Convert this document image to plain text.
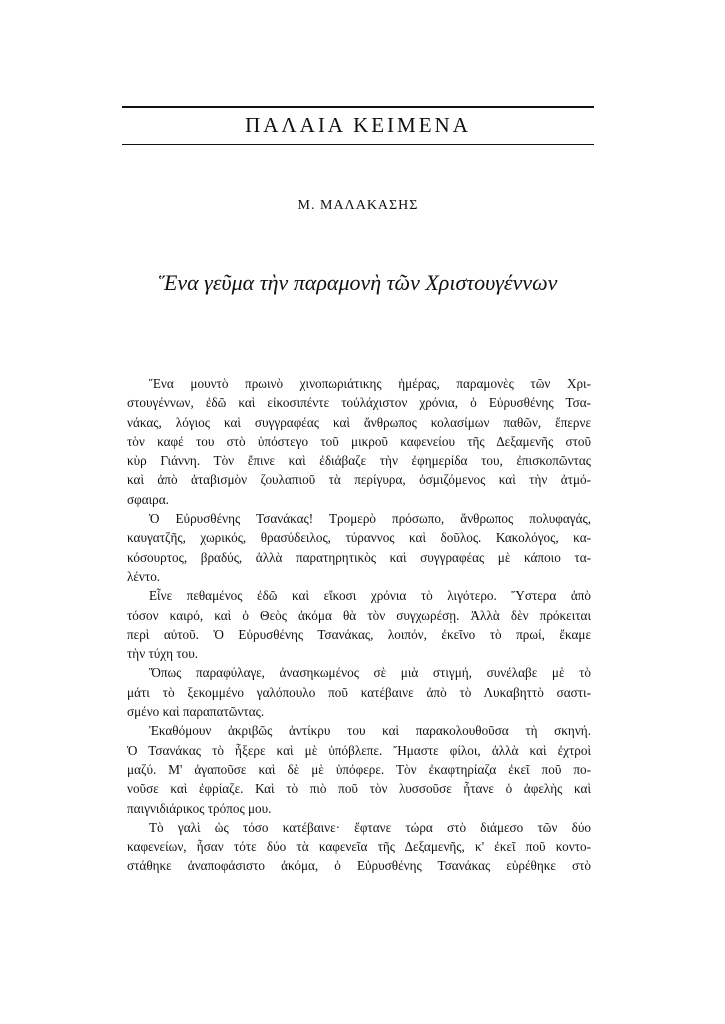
ΠΑΛΑΙΑ ΚΕΙΜΕΝΑ
Μ. ΜΑΛΑΚΑΣΗΣ
Ἕνα γεῦμα τὴν παραμονὴ τῶν Χριστουγέννων
Ἕνα μουντὸ πρωινὸ χινοπωριάτικης ἡμέρας, παραμονὲς τῶν Χρι-
στουγέννων, ἐδῶ καὶ εἰκοσιπέντε τοὐλάχιστον χρόνια, ὁ Εὐρυσθένης Τσα-
νάκας, λόγιος καὶ συγγραφέας καὶ ἄνθρωπος κολασίμων παθῶν, ἔπερνε
τὸν καφέ του στὸ ὑπόστεγο τοῦ μικροῦ καφενείου τῆς Δεξαμενῆς στοῦ
κὺρ Γιάννη. Τὸν ἔπινε καὶ ἐδιάβαζε τὴν ἐφημερίδα του, ἐπισκοπῶντας
καὶ ἀπὸ ἀταβισμὸν ζουλαπιοῦ τὰ περίγυρα, ὀσμιζόμενος καὶ τὴν ἀτμό-
σφαιρα.
Ὁ Εὐρυσθένης Τσανάκας! Τρομερὸ πρόσωπο, ἄνθρωπος πολυφαγάς,
καυγατζῆς, χωρικός, θρασύδειλος, τύραννος καὶ δοῦλος. Κακολόγος, κα-
κόσουρτος, βραδύς, ἀλλὰ παρατηρητικὸς καὶ συγγραφέας μὲ κάποιο τα-
λέντο.
Εἶνε πεθαμένος ἐδῶ καὶ εἴκοσι χρόνια τὸ λιγότερο. Ὕστερα ἀπὸ
τόσον καιρό, καὶ ὁ Θεὸς ἀκόμα θὰ τὸν συγχωρέσῃ. Ἀλλὰ δὲν πρόκειται
περὶ αὐτοῦ. Ὁ Εὐρυσθένης Τσανάκας, λοιπόν, ἐκεῖνο τὸ πρωί, ἔκαμε
τὴν τύχη του.
Ὅπως παραφύλαγε, ἀνασηκωμένος σὲ μιὰ στιγμή, συνέλαβε μὲ τὸ
μάτι τὸ ξεκομμένο γαλόπουλο ποῦ κατέβαινε ἀπὸ τὸ Λυκαβηττὸ σαστι-
σμένο καὶ παραπατῶντας.
Ἐκαθόμουν ἀκριβῶς ἀντίκρυ του καὶ παρακολουθοῦσα τὴ σκηνή.
Ὁ Τσανάκας τὸ ἦξερε καὶ μὲ ὑπόβλεπε. Ἤμαστε φίλοι, ἀλλὰ καὶ ἐχτροὶ
μαζύ. Μ' ἀγαποῦσε καὶ δὲ μὲ ὑπόφερε. Τὸν ἐκαφτηρίαζα ἐκεῖ ποῦ πο-
νοῦσε καὶ ἐφρίαζε. Καὶ τὸ πιὸ ποῦ τὸν λυσσοῦσε ἦτανε ὁ ἀφελὴς καὶ
παιγνιδιάρικος τρόπος μου.
Τὸ γαλὶ ὡς τόσο κατέβαινε· ἔφτανε τώρα στὸ διάμεσο τῶν δύο
καφενείων, ἦσαν τότε δύο τὰ καφενεῖα τῆς Δεξαμενῆς, κ' ἐκεῖ ποῦ κοντο-
στάθηκε ἀναποφάσιστο ἀκόμα, ὁ Εὐρυσθένης Τσανάκας εὑρέθηκε στὸ
